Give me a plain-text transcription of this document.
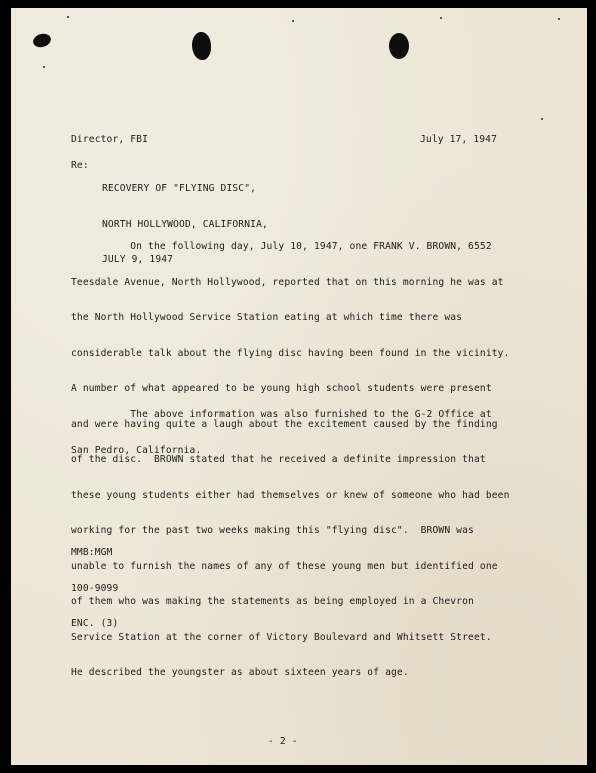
Director, FBI	July 17, 1947
Re:

RECOVERY OF "FLYING DISC",

NORTH HOLLYWOOD, CALIFORNIA,

JULY 9, 1947

On the following day, July 10, 1947, one FRANK V. BROWN, 6552

Teesdale Avenue, North Hollywood, reported that on this morning he was at

the North Hollywood Service Station eating at which time there was

considerable talk about the flying disc having been found in the vicinity.

A number of what appeared to be young high school students were present

and were having quite a laugh about the excitement caused by the finding

of the disc.  BROWN stated that he received a definite impression that

these young students either had themselves or knew of someone who had been

working for the past two weeks making this "flying disc".  BROWN was

unable to furnish the names of any of these young men but identified one

of them who was making the statements as being employed in a Chevron

Service Station at the corner of Victory Boulevard and Whitsett Street.

He described the youngster as about sixteen years of age.

The above information was also furnished to the G-2 Office at

San Pedro, California.

MMB:MGM

100-9099

ENC. (3)

- 2 -
